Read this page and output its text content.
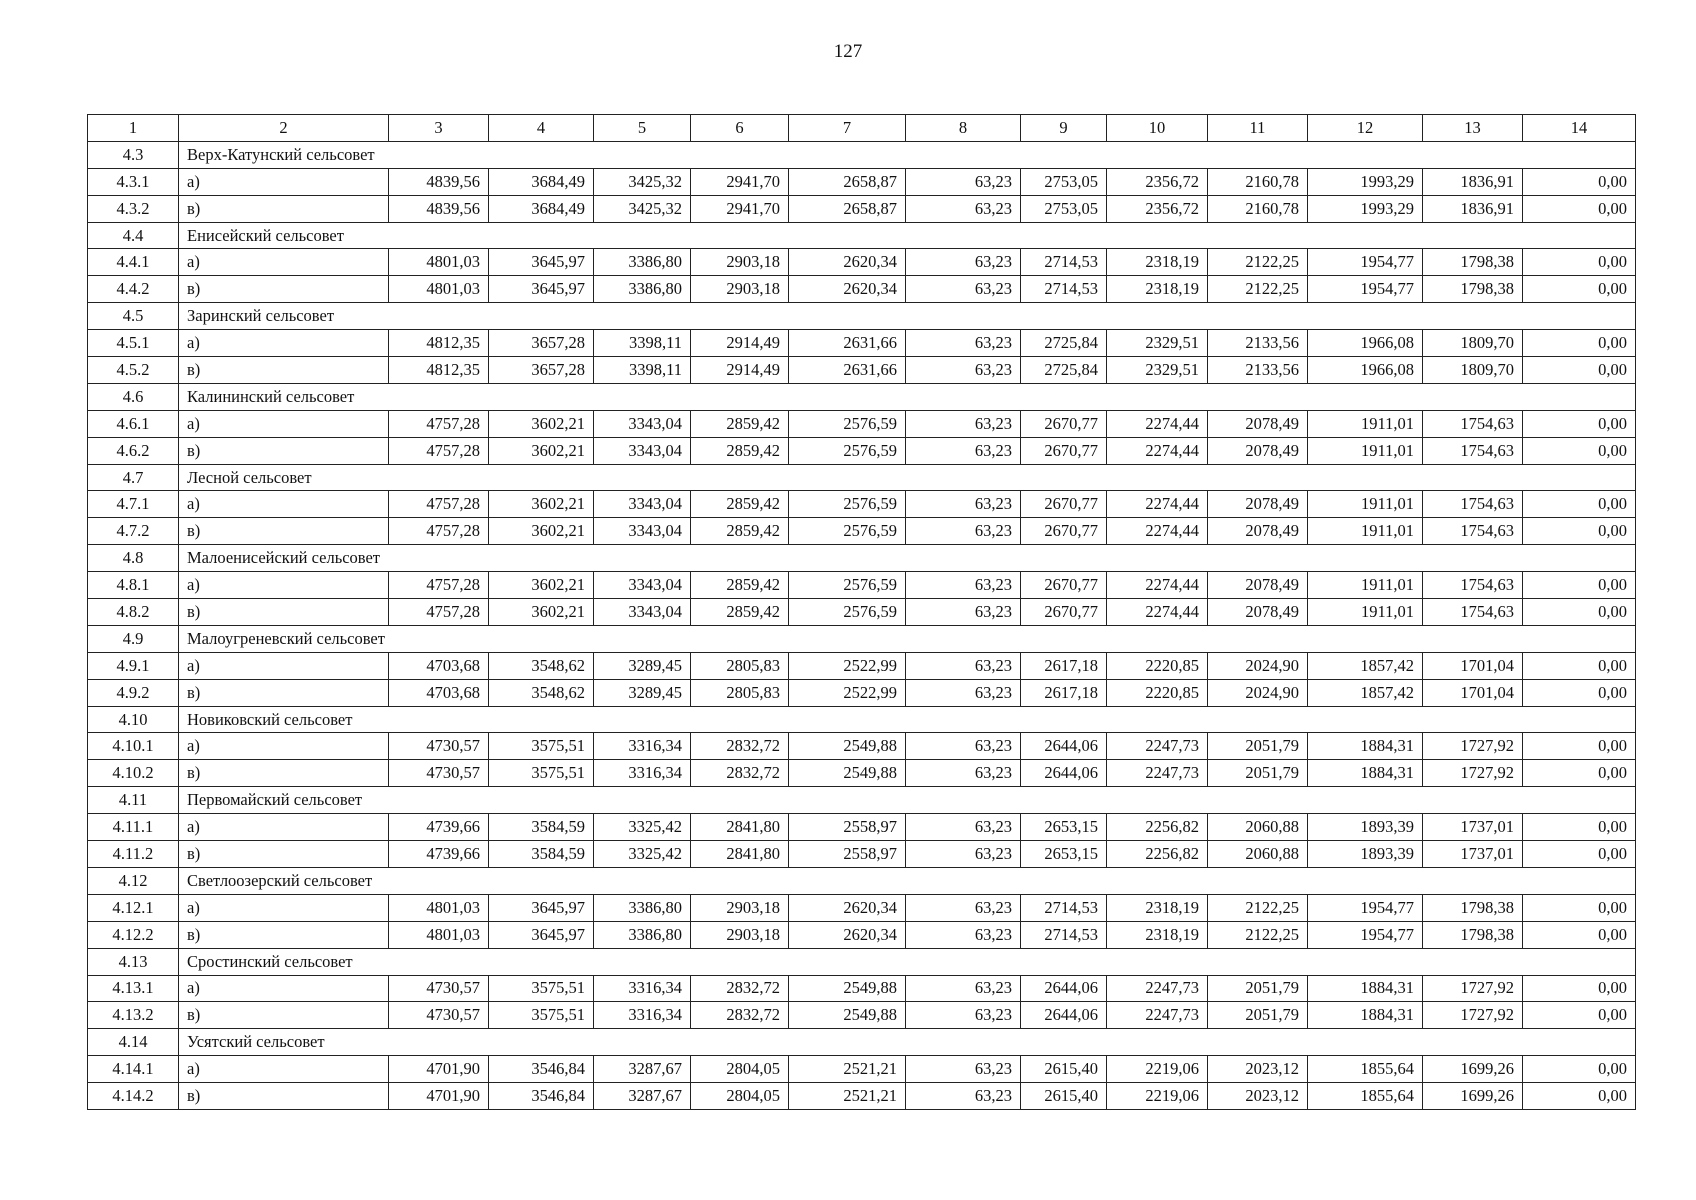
127
1	2	3	4	5	6	7	8	9	10	11	12	13	14
4.3	Верх-Катунский сельсовет												
4.3.1	а)	4839,56	3684,49	3425,32	2941,70	2658,87	63,23	2753,05	2356,72	2160,78	1993,29	1836,91	0,00
4.3.2	в)	4839,56	3684,49	3425,32	2941,70	2658,87	63,23	2753,05	2356,72	2160,78	1993,29	1836,91	0,00
4.4	Енисейский сельсовет												
4.4.1	а)	4801,03	3645,97	3386,80	2903,18	2620,34	63,23	2714,53	2318,19	2122,25	1954,77	1798,38	0,00
4.4.2	в)	4801,03	3645,97	3386,80	2903,18	2620,34	63,23	2714,53	2318,19	2122,25	1954,77	1798,38	0,00
4.5	Заринский сельсовет												
4.5.1	а)	4812,35	3657,28	3398,11	2914,49	2631,66	63,23	2725,84	2329,51	2133,56	1966,08	1809,70	0,00
4.5.2	в)	4812,35	3657,28	3398,11	2914,49	2631,66	63,23	2725,84	2329,51	2133,56	1966,08	1809,70	0,00
4.6	Калининский сельсовет												
4.6.1	а)	4757,28	3602,21	3343,04	2859,42	2576,59	63,23	2670,77	2274,44	2078,49	1911,01	1754,63	0,00
4.6.2	в)	4757,28	3602,21	3343,04	2859,42	2576,59	63,23	2670,77	2274,44	2078,49	1911,01	1754,63	0,00
4.7	Лесной сельсовет												
4.7.1	а)	4757,28	3602,21	3343,04	2859,42	2576,59	63,23	2670,77	2274,44	2078,49	1911,01	1754,63	0,00
4.7.2	в)	4757,28	3602,21	3343,04	2859,42	2576,59	63,23	2670,77	2274,44	2078,49	1911,01	1754,63	0,00
4.8	Малоенисейский сельсовет												
4.8.1	а)	4757,28	3602,21	3343,04	2859,42	2576,59	63,23	2670,77	2274,44	2078,49	1911,01	1754,63	0,00
4.8.2	в)	4757,28	3602,21	3343,04	2859,42	2576,59	63,23	2670,77	2274,44	2078,49	1911,01	1754,63	0,00
4.9	Малоугреневский сельсовет												
4.9.1	а)	4703,68	3548,62	3289,45	2805,83	2522,99	63,23	2617,18	2220,85	2024,90	1857,42	1701,04	0,00
4.9.2	в)	4703,68	3548,62	3289,45	2805,83	2522,99	63,23	2617,18	2220,85	2024,90	1857,42	1701,04	0,00
4.10	Новиковский сельсовет												
4.10.1	а)	4730,57	3575,51	3316,34	2832,72	2549,88	63,23	2644,06	2247,73	2051,79	1884,31	1727,92	0,00
4.10.2	в)	4730,57	3575,51	3316,34	2832,72	2549,88	63,23	2644,06	2247,73	2051,79	1884,31	1727,92	0,00
4.11	Первомайский сельсовет												
4.11.1	а)	4739,66	3584,59	3325,42	2841,80	2558,97	63,23	2653,15	2256,82	2060,88	1893,39	1737,01	0,00
4.11.2	в)	4739,66	3584,59	3325,42	2841,80	2558,97	63,23	2653,15	2256,82	2060,88	1893,39	1737,01	0,00
4.12	Светлоозерский сельсовет												
4.12.1	а)	4801,03	3645,97	3386,80	2903,18	2620,34	63,23	2714,53	2318,19	2122,25	1954,77	1798,38	0,00
4.12.2	в)	4801,03	3645,97	3386,80	2903,18	2620,34	63,23	2714,53	2318,19	2122,25	1954,77	1798,38	0,00
4.13	Сростинский сельсовет												
4.13.1	а)	4730,57	3575,51	3316,34	2832,72	2549,88	63,23	2644,06	2247,73	2051,79	1884,31	1727,92	0,00
4.13.2	в)	4730,57	3575,51	3316,34	2832,72	2549,88	63,23	2644,06	2247,73	2051,79	1884,31	1727,92	0,00
4.14	Усятский сельсовет												
4.14.1	а)	4701,90	3546,84	3287,67	2804,05	2521,21	63,23	2615,40	2219,06	2023,12	1855,64	1699,26	0,00
4.14.2	в)	4701,90	3546,84	3287,67	2804,05	2521,21	63,23	2615,40	2219,06	2023,12	1855,64	1699,26	0,00
